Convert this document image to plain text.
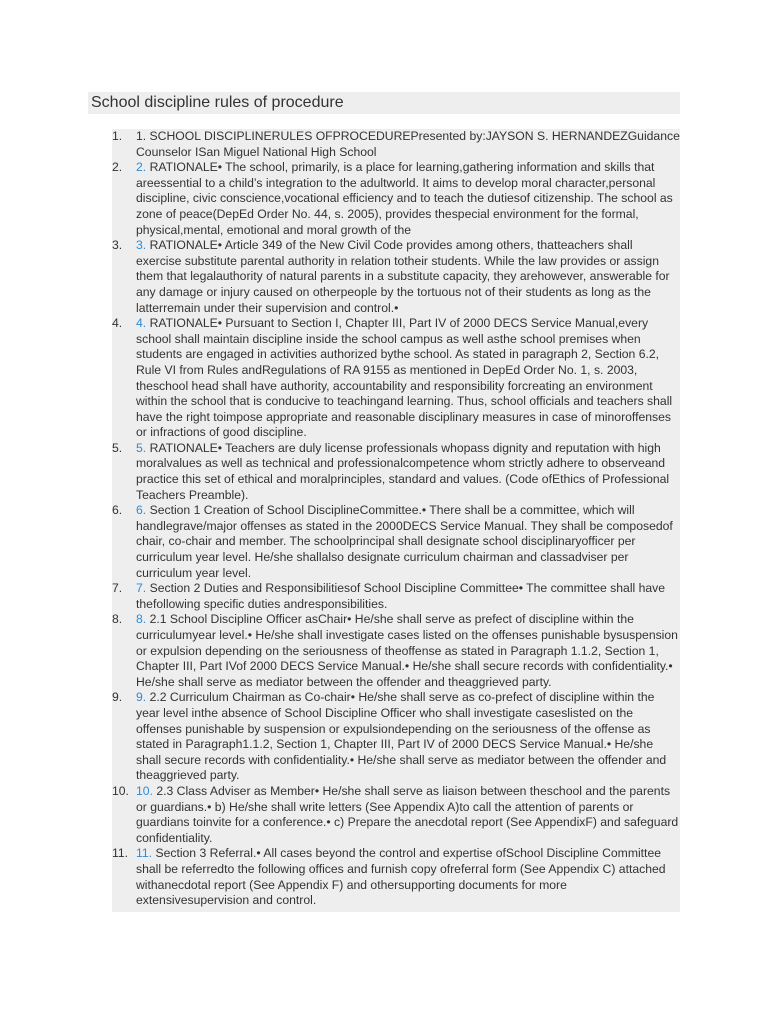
School discipline rules of procedure
1.	1. SCHOOL DISCIPLINERULES OFPROCEDUREPresented by:JAYSON S. HERNANDEZGuidance Counselor ISan Miguel National High School
2.	2. RATIONALE• The school, primarily, is a place for learning,gathering information and skills that areessential to a child’s integration to the adultworld. It aims to develop moral character,personal discipline, civic conscience,vocational efficiency and to teach the dutiesof citizenship. The school as zone of peace(DepEd Order No. 44, s. 2005), provides thespecial environment for the formal, physical,mental, emotional and moral growth of the
3.	3. RATIONALE• Article 349 of the New Civil Code provides among others, thatteachers shall exercise substitute parental authority in relation totheir students. While the law provides or assign them that legalauthority of natural parents in a substitute capacity, they arehowever, answerable for any damage or injury caused on otherpeople by the tortuous not of their students as long as the latterremain under their supervision and control.•
4.	4. RATIONALE• Pursuant to Section I, Chapter III, Part IV of 2000 DECS Service Manual,every school shall maintain discipline inside the school campus as well asthe school premises when students are engaged in activities authorized bythe school. As stated in paragraph 2, Section 6.2, Rule VI from Rules andRegulations of RA 9155 as mentioned in DepEd Order No. 1, s. 2003, theschool head shall have authority, accountability and responsibility forcreating an environment within the school that is conducive to teachingand learning. Thus, school officials and teachers shall have the right toimpose appropriate and reasonable disciplinary measures in case of minoroffenses or infractions of good discipline.
5.	5. RATIONALE• Teachers are duly license professionals whopass dignity and reputation with high moralvalues as well as technical and professionalcompetence whom strictly adhere to observeand practice this set of ethical and moralprinciples, standard and values. (Code ofEthics of Professional Teachers Preamble).
6.	6. Section 1 Creation of School DisciplineCommittee.• There shall be a committee, which will handlegrave/major offenses as stated in the 2000DECS Service Manual. They shall be composedof chair, co-chair and member. The schoolprincipal shall designate school disciplinaryofficer per curriculum year level. He/she shallalso designate curriculum chairman and classadviser per curriculum year level.
7.	7. Section 2 Duties and Responsibilitiesof School Discipline Committee• The committee shall have thefollowing specific duties andresponsibilities.
8.	8. 2.1 School Discipline Officer asChair• He/she shall serve as prefect of discipline within the curriculumyear level.• He/she shall investigate cases listed on the offenses punishable bysuspension or expulsion depending on the seriousness of theoffense as stated in Paragraph 1.1.2, Section 1, Chapter III, Part IVof 2000 DECS Service Manual.• He/she shall secure records with confidentiality.• He/she shall serve as mediator between the offender and theaggrieved party.
9.	9. 2.2 Curriculum Chairman as Co-chair• He/she shall serve as co-prefect of discipline within the year level inthe absence of School Discipline Officer who shall investigate caseslisted on the offenses punishable by suspension or expulsiondepending on the seriousness of the offense as stated in Paragraph1.1.2, Section 1, Chapter III, Part IV of 2000 DECS Service Manual.• He/she shall secure records with confidentiality.• He/she shall serve as mediator between the offender and theaggrieved party.
10. 10. 2.3 Class Adviser as Member• He/she shall serve as liaison between theschool and the parents or guardians.• b) He/she shall write letters (See Appendix A)to call the attention of parents or guardians toinvite for a conference.• c) Prepare the anecdotal report (See AppendixF) and safeguard confidentiality.
11. 11. Section 3 Referral.• All cases beyond the control and expertise ofSchool Discipline Committee shall be referredto the following offices and furnish copy ofreferral form (See Appendix C) attached withanecdotal report (See Appendix F) and othersupporting documents for more extensivesupervision and control.
